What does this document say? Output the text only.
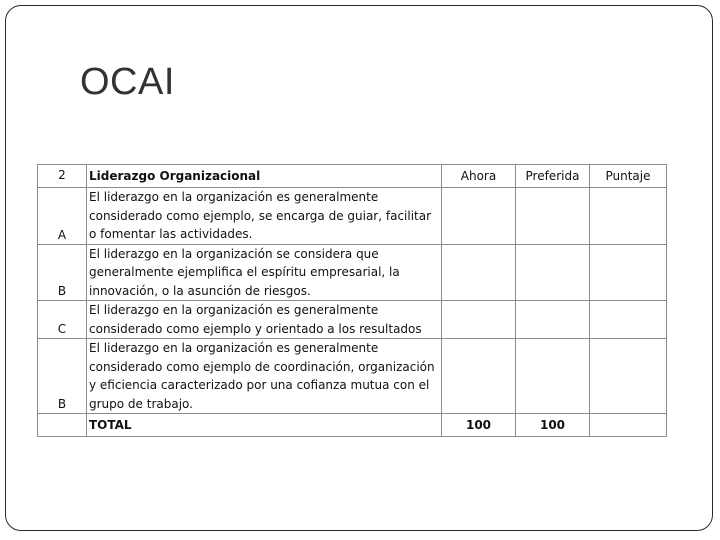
OCAI
2	Liderazgo Organizacional	Ahora	Preferida	Puntaje
A	El liderazgo en la organización es generalmente considerado como ejemplo, se encarga de guiar, facilitar o fomentar las actividades.			
B	El liderazgo en la organización se considera que generalmente ejemplifica el espíritu empresarial, la innovación, o la asunción de riesgos.			
C	El liderazgo en la organización es generalmente considerado como ejemplo y orientado a los resultados			
B	El liderazgo en la organización es generalmente considerado como ejemplo de coordinación, organización y eficiencia caracterizado por una cofianza mutua con el grupo de trabajo.			
	TOTAL	100	100	
